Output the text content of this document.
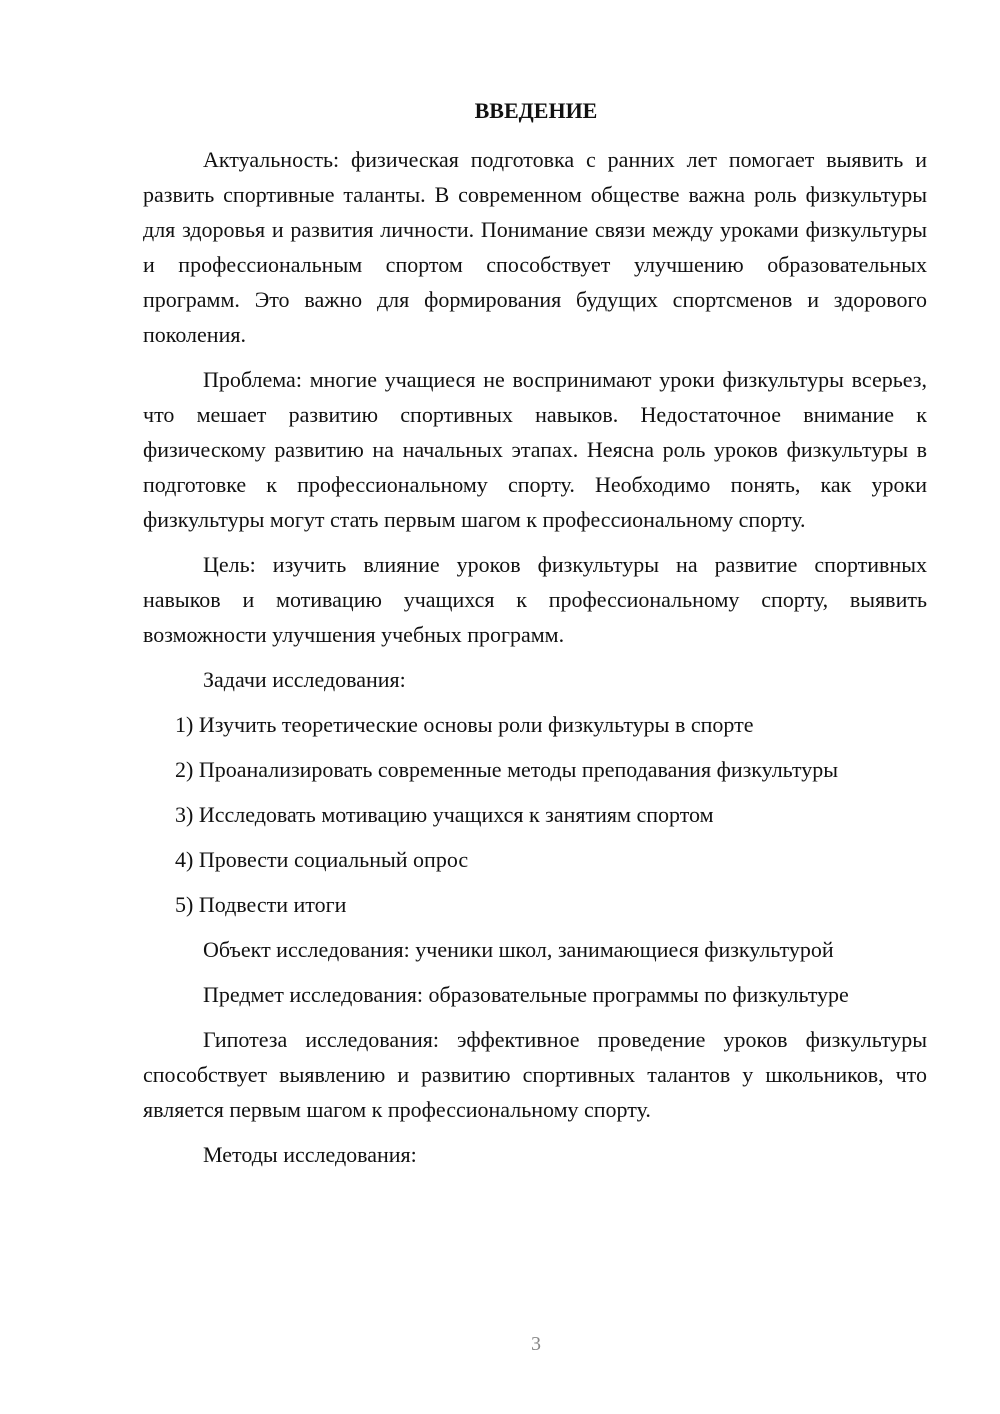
ВВЕДЕНИЕ

Актуальность: физическая подготовка с ранних лет помогает выявить и развить спортивные таланты. В современном обществе важна роль физкультуры для здоровья и развития личности. Понимание связи между уроками физкультуры и профессиональным спортом способствует улучшению образовательных программ. Это важно для формирования будущих спортсменов и здорового поколения.

Проблема: многие учащиеся не воспринимают уроки физкультуры всерьез, что мешает развитию спортивных навыков. Недостаточное внимание к физическому развитию на начальных этапах. Неясна роль уроков физкультуры в подготовке к профессиональному спорту. Необходимо понять, как уроки физкультуры могут стать первым шагом к профессиональному спорту.

Цель: изучить влияние уроков физкультуры на развитие спортивных навыков и мотивацию учащихся к профессиональному спорту, выявить возможности улучшения учебных программ.

Задачи исследования:

1) Изучить теоретические основы роли физкультуры в спорте

2) Проанализировать современные методы преподавания физкультуры

3) Исследовать мотивацию учащихся к занятиям спортом

4) Провести социальный опрос

5) Подвести итоги

Объект исследования: ученики школ, занимающиеся физкультурой

Предмет исследования: образовательные программы по физкультуре

Гипотеза исследования: эффективное проведение уроков физкультуры способствует выявлению и развитию спортивных талантов у школьников, что является первым шагом к профессиональному спорту.

Методы исследования:

3
